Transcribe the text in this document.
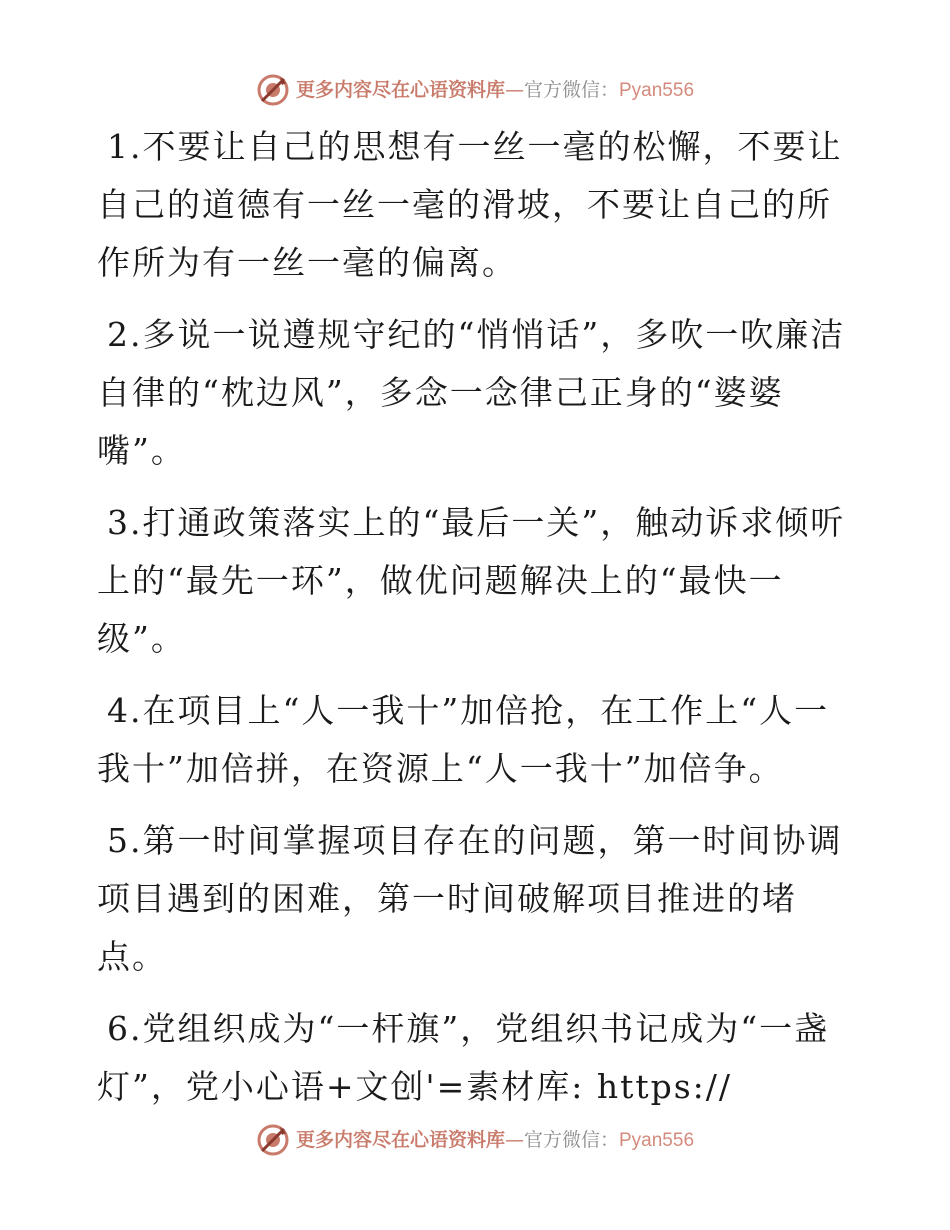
更多内容尽在心语资料库—官方微信：Pyan556

1.不要让自己的思想有一丝一毫的松懈，不要让自己的道德有一丝一毫的滑坡，不要让自己的所作所为有一丝一毫的偏离。

2.多说一说遵规守纪的“悄悄话”，多吹一吹廉洁自律的“枕边风”，多念一念律己正身的“婆婆嘴”。

3.打通政策落实上的“最后一关”，触动诉求倾听上的“最先一环”，做优问题解决上的“最快一级”。

4.在项目上“人一我十”加倍抢，在工作上“人一我十”加倍拼，在资源上“人一我十”加倍争。

5.第一时间掌握项目存在的问题，第一时间协调项目遇到的困难，第一时间破解项目推进的堵点。

6.党组织成为“一杆旗”，党组织书记成为“一盏灯”，党小心语+文创'=素材库: https://

更多内容尽在心语资料库—官方微信：Pyan556
